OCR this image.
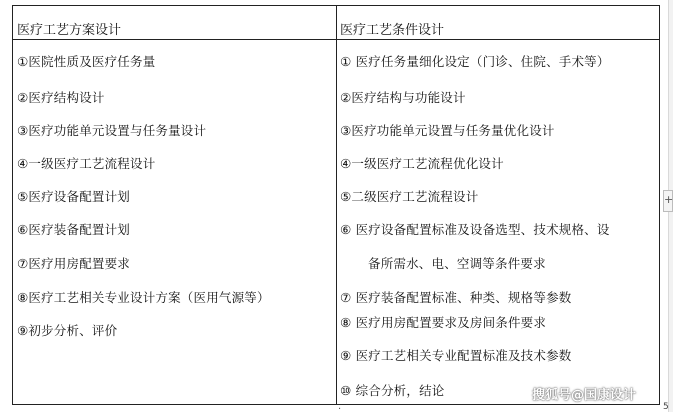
医疗工艺方案设计	医疗工艺条件设计
①医院性质及医疗任务量
②医疗结构设计
③医疗功能单元设置与任务量设计
④一级医疗工艺流程设计
⑤医疗设备配置计划
⑥医疗装备配置计划
⑦医疗用房配置要求
⑧医疗工艺相关专业设计方案（医用气源等）
⑨初步分析、评价
① 医疗任务量细化设定（门诊、住院、手术等）
②医疗结构与功能设计
③医疗功能单元设置与任务量优化设计
④一级医疗工艺流程优化设计
⑤二级医疗工艺流程设计
⑥ 医疗设备配置标准及设备选型、技术规格、设
备所需水、电、空调等条件要求
⑦ 医疗装备配置标准、种类、规格等参数
⑧ 医疗用房配置要求及房间条件要求
⑨ 医疗工艺相关专业配置标准及技术参数
⑩ 综合分析，结论
+
5
·
搜狐号@国康设计
